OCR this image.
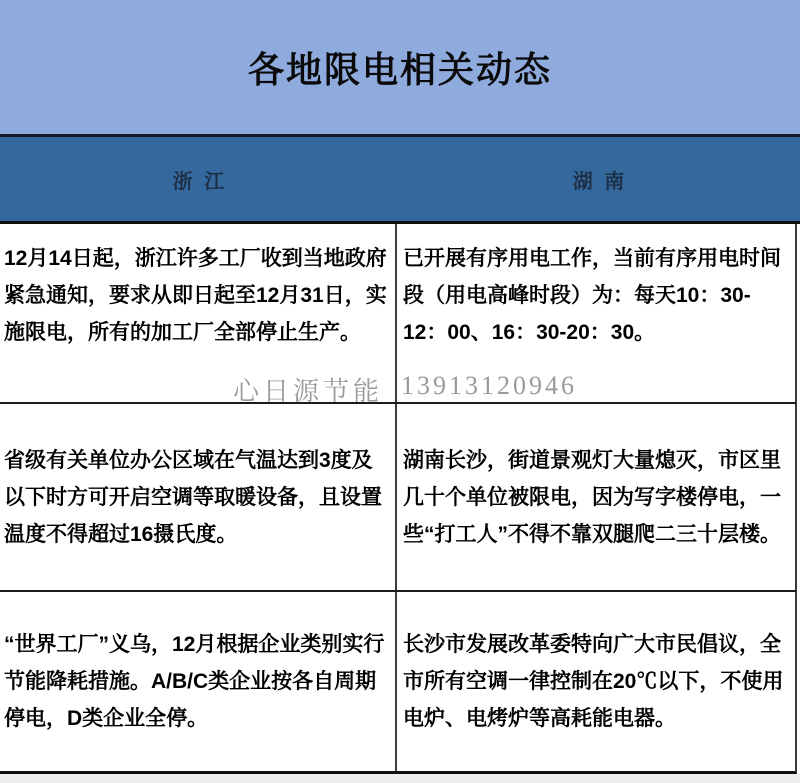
各地限电相关动态
浙 江	湖 南
12月14日起，浙江许多工厂收到当地政府紧急通知，要求从即日起至12月31日，实施限电，所有的加工厂全部停止生产。
已开展有序用电工作，当前有序用电时间段（用电高峰时段）为：每天10：30-12：00、16：30-20：30。
省级有关单位办公区域在气温达到3度及以下时方可开启空调等取暖设备，且设置温度不得超过16摄氏度。
湖南长沙，街道景观灯大量熄灭，市区里几十个单位被限电，因为写字楼停电，一些“打工人”不得不靠双腿爬二三十层楼。
“世界工厂”义乌，12月根据企业类别实行节能降耗措施。A/B/C类企业按各自周期停电，D类企业全停。
长沙市发展改革委特向广大市民倡议，全市所有空调一律控制在20℃以下，不使用电炉、电烤炉等高耗能电器。
心日源节能 13913120946
